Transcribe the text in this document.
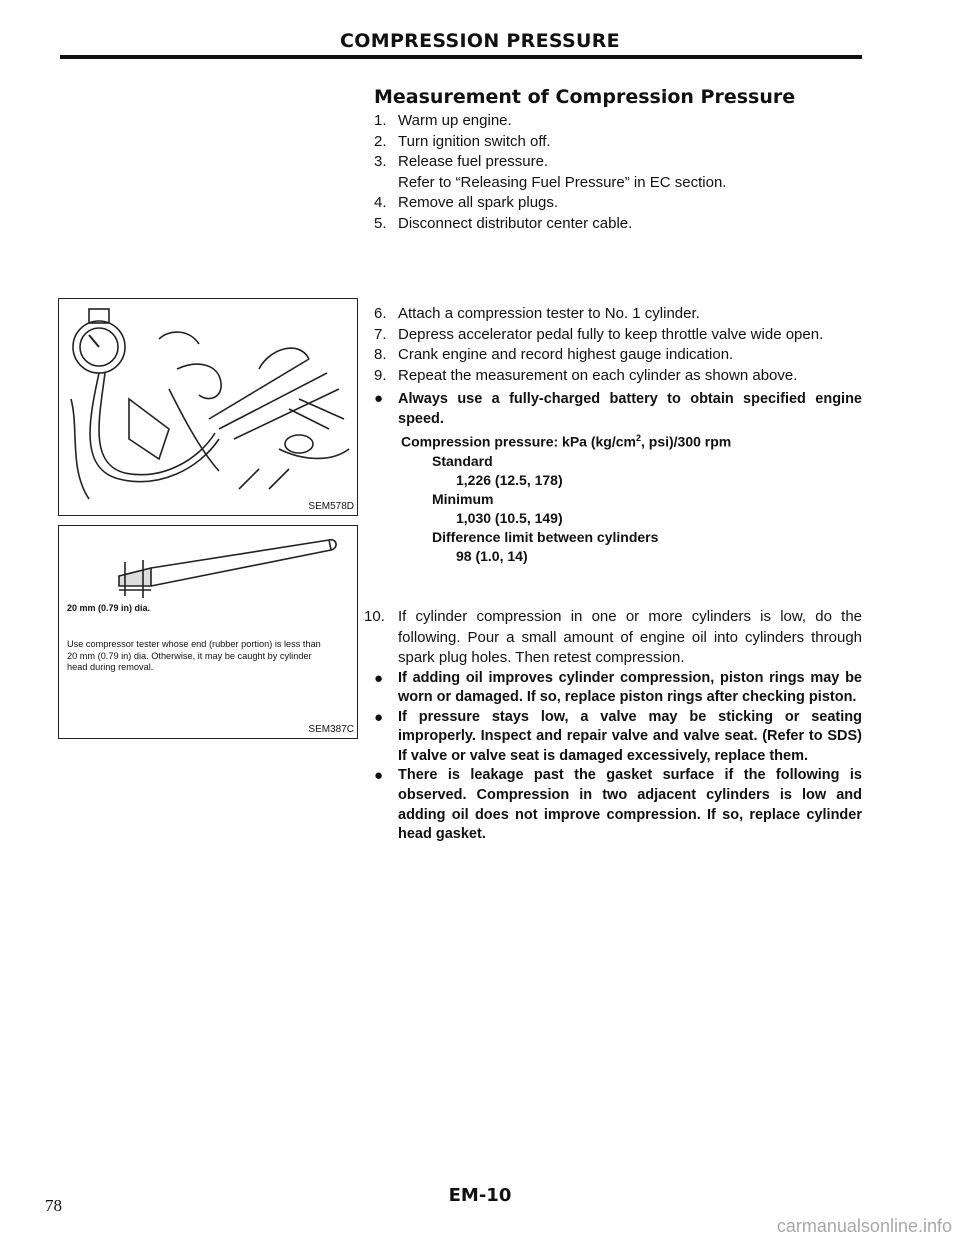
COMPRESSION PRESSURE
Measurement of Compression Pressure
1. Warm up engine.
2. Turn ignition switch off.
3. Release fuel pressure.
Refer to “Releasing Fuel Pressure” in EC section.
4. Remove all spark plugs.
5. Disconnect distributor center cable.
6. Attach a compression tester to No. 1 cylinder.
7. Depress accelerator pedal fully to keep throttle valve wide open.
8. Crank engine and record highest gauge indication.
9. Repeat the measurement on each cylinder as shown above.
● Always use a fully-charged battery to obtain specified engine speed.
Compression pressure: kPa ($kg/cm^2$, psi)/300 rpm
Standard
1,226 (12.5, 178)
Minimum
1,030 (10.5, 149)
Difference limit between cylinders
98 (1.0, 14)
10. If cylinder compression in one or more cylinders is low, do the following. Pour a small amount of engine oil into cylinders through spark plug holes. Then retest compression.
● If adding oil improves cylinder compression, piston rings may be worn or damaged. If so, replace piston rings after checking piston.
● If pressure stays low, a valve may be sticking or seating improperly. Inspect and repair valve and valve seat. (Refer to SDS) If valve or valve seat is damaged excessively, replace them.
● There is leakage past the gasket surface if the following is observed. Compression in two adjacent cylinders is low and adding oil does not improve compression. If so, replace cylinder head gasket.
SEM578D
20 mm (0.79 in) dia.
Use compressor tester whose end (rubber portion) is less than 20 mm (0.79 in) dia. Otherwise, it may be caught by cylinder head during removal.
SEM387C
78	EM-10
carmanualsonline.info
